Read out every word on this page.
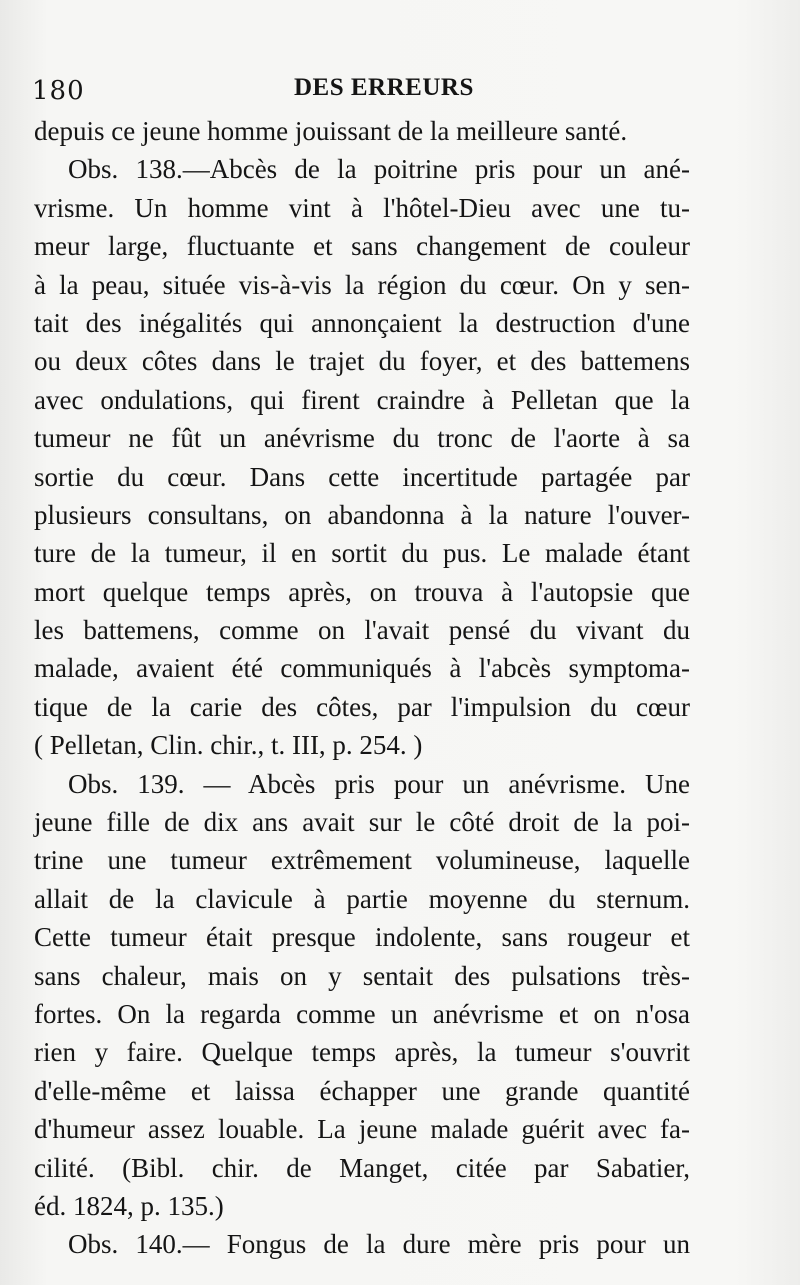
180	DES ERREURS
depuis ce jeune homme jouissant de la meilleure santé.
Obs. 138.—Abcès de la poitrine pris pour un ané-
vrisme. Un homme vint à l'hôtel-Dieu avec une tu-
meur large, fluctuante et sans changement de couleur
à la peau, située vis-à-vis la région du cœur. On y sen-
tait des inégalités qui annonçaient la destruction d'une
ou deux côtes dans le trajet du foyer, et des battemens
avec ondulations, qui firent craindre à Pelletan que la
tumeur ne fût un anévrisme du tronc de l'aorte à sa
sortie du cœur. Dans cette incertitude partagée par
plusieurs consultans, on abandonna à la nature l'ouver-
ture de la tumeur, il en sortit du pus. Le malade étant
mort quelque temps après, on trouva à l'autopsie que
les battemens, comme on l'avait pensé du vivant du
malade, avaient été communiqués à l'abcès symptoma-
tique de la carie des côtes, par l'impulsion du cœur
( Pelletan, Clin. chir., t. III, p. 254. )
Obs. 139. — Abcès pris pour un anévrisme. Une
jeune fille de dix ans avait sur le côté droit de la poi-
trine une tumeur extrêmement volumineuse, laquelle
allait de la clavicule à partie moyenne du sternum.
Cette tumeur était presque indolente, sans rougeur et
sans chaleur, mais on y sentait des pulsations très-
fortes. On la regarda comme un anévrisme et on n'osa
rien y faire. Quelque temps après, la tumeur s'ouvrit
d'elle-même et laissa échapper une grande quantité
d'humeur assez louable. La jeune malade guérit avec fa-
cilité. (Bibl. chir. de Manget, citée par Sabatier,
éd. 1824, p. 135.)
Obs. 140.— Fongus de la dure mère pris pour un
